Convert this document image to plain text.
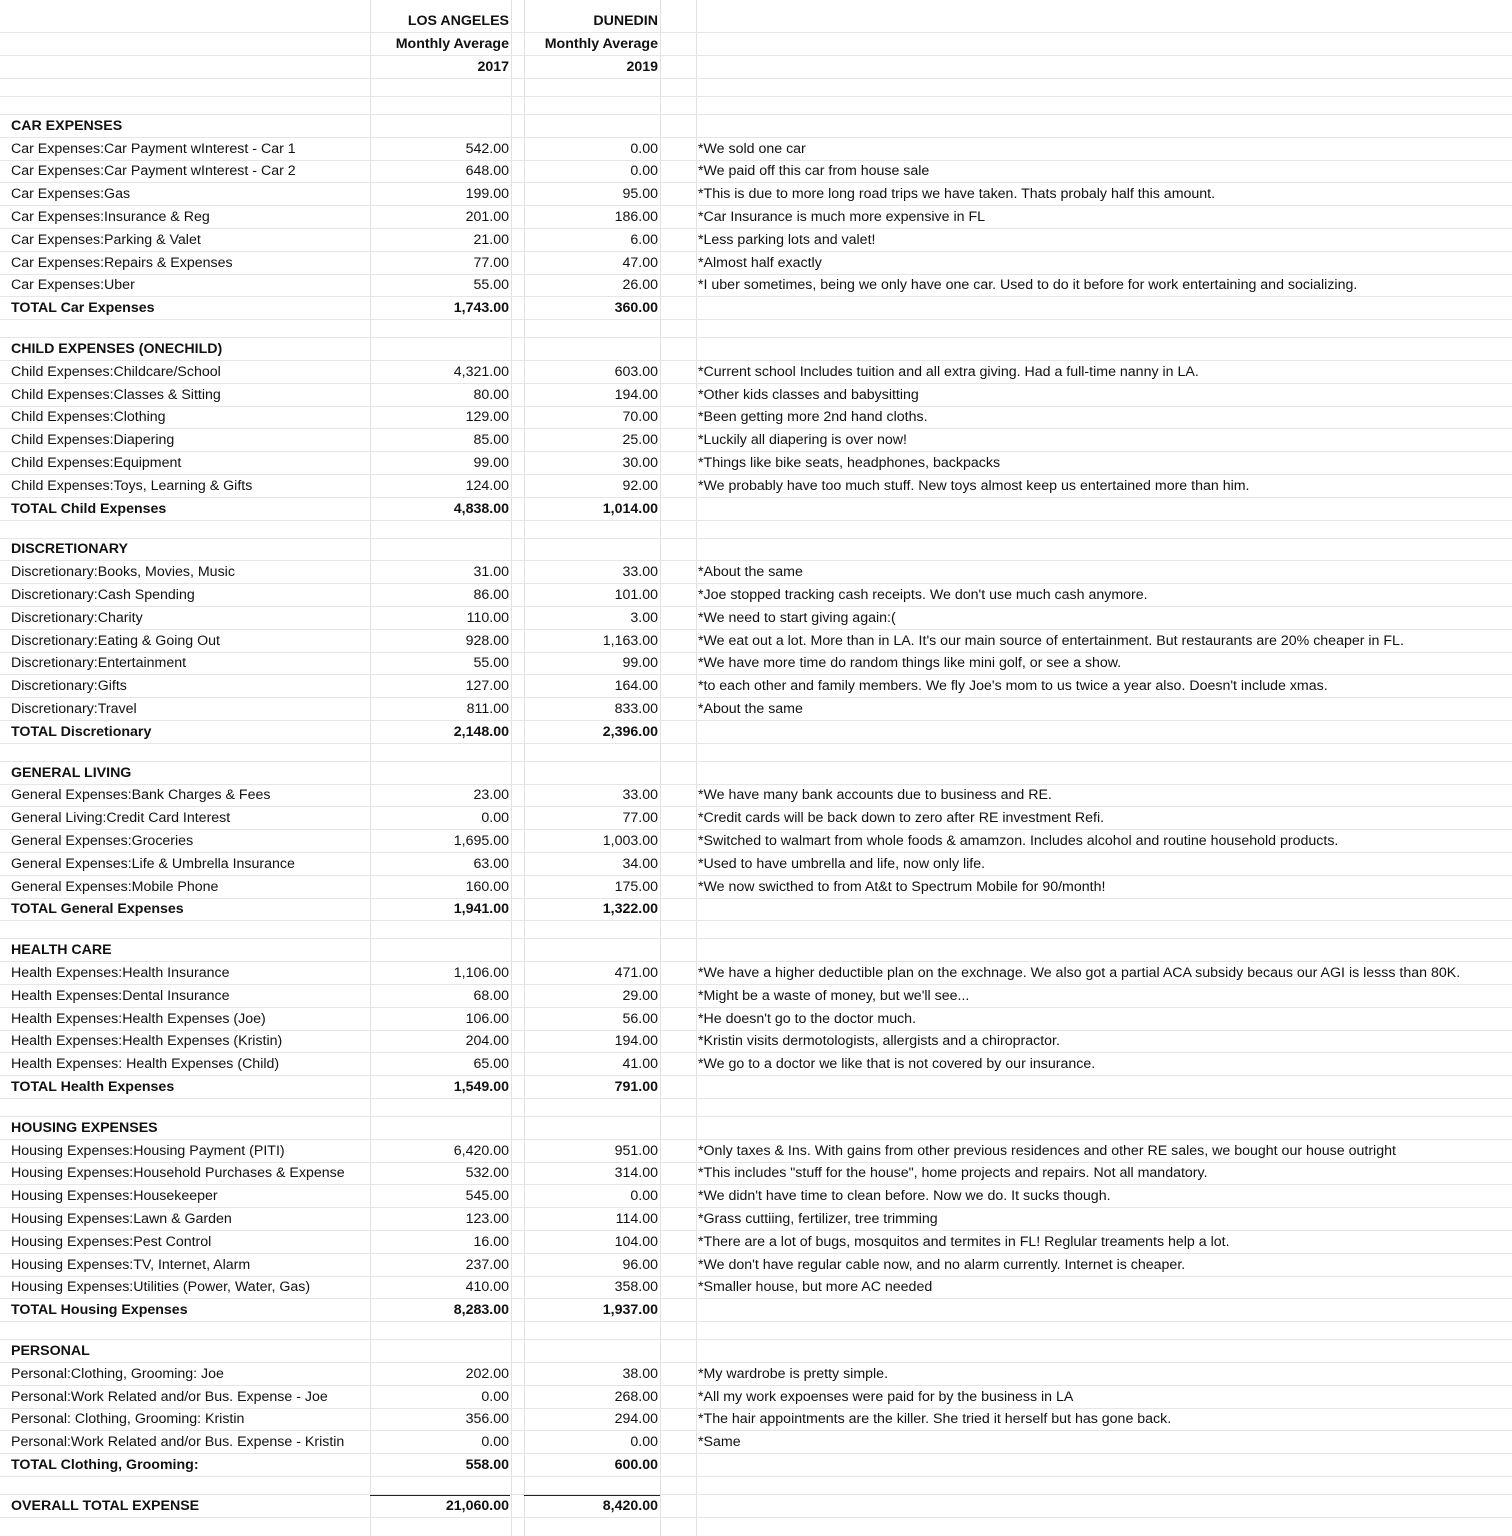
LOS ANGELES	DUNEDIN
Monthly Average	Monthly Average
2017	2019
CAR EXPENSES
Car Expenses:Car Payment wInterest - Car 1	542.00	0.00	*We sold one car
Car Expenses:Car Payment wInterest - Car 2	648.00	0.00	*We paid off this car from house sale
Car Expenses:Gas	199.00	95.00	*This is due to more long road trips we have taken. Thats probaly half this amount.
Car Expenses:Insurance & Reg	201.00	186.00	*Car Insurance is much more expensive in FL
Car Expenses:Parking & Valet	21.00	6.00	*Less parking lots and valet!
Car Expenses:Repairs & Expenses	77.00	47.00	*Almost half exactly
Car Expenses:Uber	55.00	26.00	*I uber sometimes, being we only have one car. Used to do it before for work entertaining and socializing.
TOTAL Car Expenses	1,743.00	360.00
CHILD EXPENSES (ONECHILD)
Child Expenses:Childcare/School	4,321.00	603.00	*Current school Includes tuition and all extra giving. Had a full-time nanny in LA.
Child Expenses:Classes & Sitting	80.00	194.00	*Other kids classes and babysitting
Child Expenses:Clothing	129.00	70.00	*Been getting more 2nd hand cloths.
Child Expenses:Diapering	85.00	25.00	*Luckily all diapering is over now!
Child Expenses:Equipment	99.00	30.00	*Things like bike seats, headphones, backpacks
Child Expenses:Toys, Learning & Gifts	124.00	92.00	*We probably have too much stuff. New toys almost keep us entertained more than him.
TOTAL Child Expenses	4,838.00	1,014.00
DISCRETIONARY
Discretionary:Books, Movies, Music	31.00	33.00	*About the same
Discretionary:Cash Spending	86.00	101.00	*Joe stopped tracking cash receipts. We don't use much cash anymore.
Discretionary:Charity	110.00	3.00	*We need to start giving again:(
Discretionary:Eating & Going Out	928.00	1,163.00	*We eat out a lot. More than in LA. It's our main source of entertainment. But restaurants are 20% cheaper in FL.
Discretionary:Entertainment	55.00	99.00	*We have more time do random things like mini golf, or see a show.
Discretionary:Gifts	127.00	164.00	*to each other and family members. We fly Joe's mom to us twice a year also. Doesn't include xmas.
Discretionary:Travel	811.00	833.00	*About the same
TOTAL Discretionary	2,148.00	2,396.00
GENERAL LIVING
General Expenses:Bank Charges & Fees	23.00	33.00	*We have many bank accounts due to business and RE.
General Living:Credit Card Interest	0.00	77.00	*Credit cards will be back down to zero after RE investment Refi.
General Expenses:Groceries	1,695.00	1,003.00	*Switched to walmart from whole foods & amamzon. Includes alcohol and routine household products.
General Expenses:Life & Umbrella Insurance	63.00	34.00	*Used to have umbrella and life, now only life.
General Expenses:Mobile Phone	160.00	175.00	*We now swicthed to from At&t to Spectrum Mobile for 90/month!
TOTAL General Expenses	1,941.00	1,322.00
HEALTH CARE
Health Expenses:Health Insurance	1,106.00	471.00	*We have a higher deductible plan on the exchnage. We also got a partial ACA subsidy becaus our AGI is lesss than 80K.
Health Expenses:Dental Insurance	68.00	29.00	*Might be a waste of money, but we'll see...
Health Expenses:Health Expenses (Joe)	106.00	56.00	*He doesn't go to the doctor much.
Health Expenses:Health Expenses (Kristin)	204.00	194.00	*Kristin visits dermotologists, allergists and a chiropractor.
Health Expenses: Health Expenses (Child)	65.00	41.00	*We go to a doctor we like that is not covered by our insurance.
TOTAL Health Expenses	1,549.00	791.00
HOUSING EXPENSES
Housing Expenses:Housing Payment (PITI)	6,420.00	951.00	*Only taxes & Ins. With gains from other previous residences and other RE sales, we bought our house outright
Housing Expenses:Household Purchases & Expense	532.00	314.00	*This includes "stuff for the house", home projects and repairs. Not all mandatory.
Housing Expenses:Housekeeper	545.00	0.00	*We didn't have time to clean before. Now we do. It sucks though.
Housing Expenses:Lawn & Garden	123.00	114.00	*Grass cuttiing, fertilizer, tree trimming
Housing Expenses:Pest Control	16.00	104.00	*There are a lot of bugs, mosquitos and termites in FL! Reglular treaments help a lot.
Housing Expenses:TV, Internet, Alarm	237.00	96.00	*We don't have regular cable now, and no alarm currently. Internet is cheaper.
Housing Expenses:Utilities (Power, Water, Gas)	410.00	358.00	*Smaller house, but more AC needed
TOTAL Housing Expenses	8,283.00	1,937.00
PERSONAL
Personal:Clothing, Grooming: Joe	202.00	38.00	*My wardrobe is pretty simple.
Personal:Work Related and/or Bus. Expense - Joe	0.00	268.00	*All my work expoenses were paid for by the business in LA
Personal: Clothing, Grooming: Kristin	356.00	294.00	*The hair appointments are the killer. She tried it herself but has gone back.
Personal:Work Related and/or Bus. Expense - Kristin	0.00	0.00	*Same
TOTAL Clothing, Grooming:	558.00	600.00
OVERALL TOTAL EXPENSE	21,060.00	8,420.00
